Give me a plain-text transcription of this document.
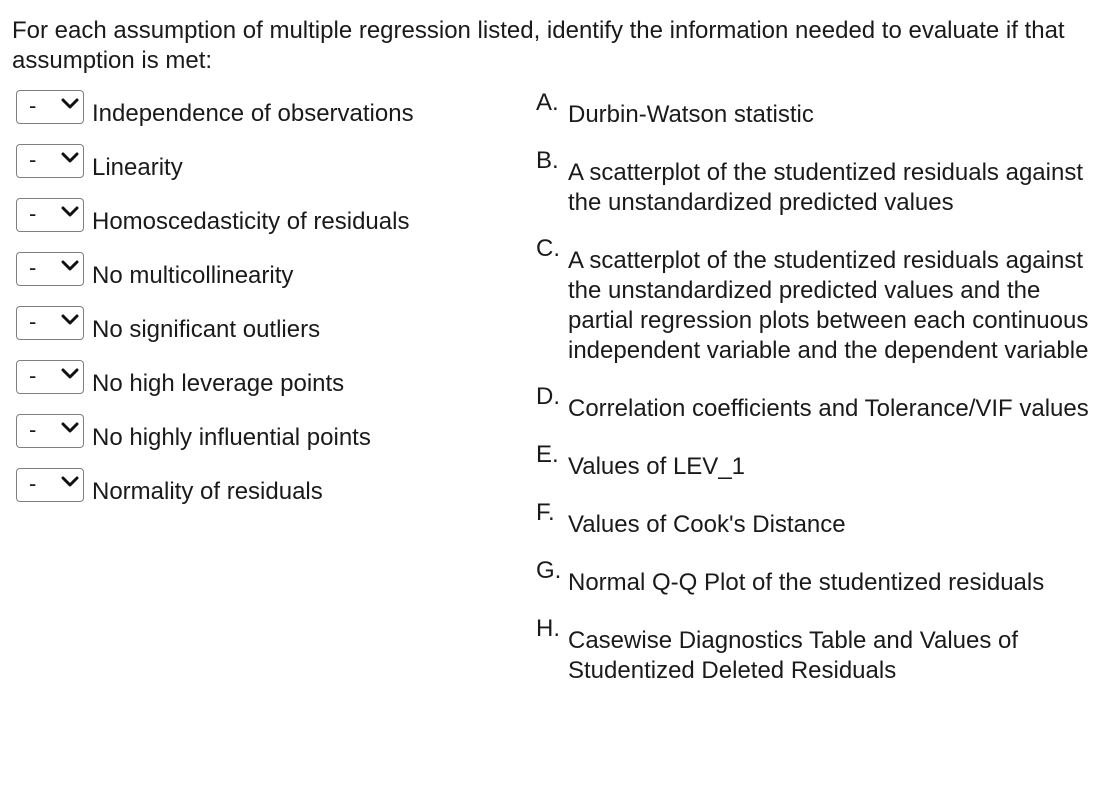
For each assumption of multiple regression listed, identify the information needed to evaluate if that assumption is met:

- Independence of observations
- Linearity
- Homoscedasticity of residuals
- No multicollinearity
- No significant outliers
- No high leverage points
- No highly influential points
- Normality of residuals
A. Durbin-Watson statistic
B. A scatterplot of the studentized residuals against the unstandardized predicted values
C. A scatterplot of the studentized residuals against the unstandardized predicted values and the partial regression plots between each continuous independent variable and the dependent variable
D. Correlation coefficients and Tolerance/VIF values
E. Values of LEV_1
F. Values of Cook's Distance
G. Normal Q-Q Plot of the studentized residuals
H. Casewise Diagnostics Table and Values of Studentized Deleted Residuals
